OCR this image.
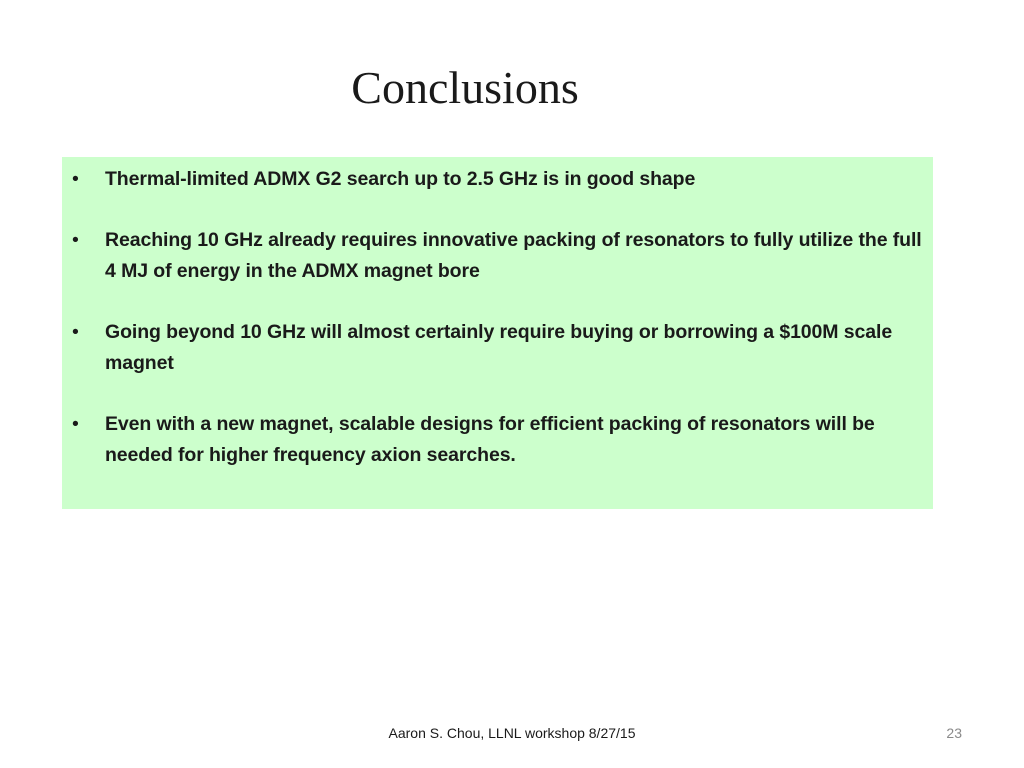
Conclusions
• Thermal-limited ADMX G2 search up to 2.5 GHz is in good shape
• Reaching 10 GHz already requires innovative packing of resonators to fully utilize the full 4 MJ of energy in the ADMX magnet bore
• Going beyond 10 GHz will almost certainly require buying or borrowing a $100M scale magnet
• Even with a new magnet, scalable designs for efficient packing of resonators will be needed for higher frequency axion searches.
Aaron S. Chou, LLNL workshop 8/27/15	23
